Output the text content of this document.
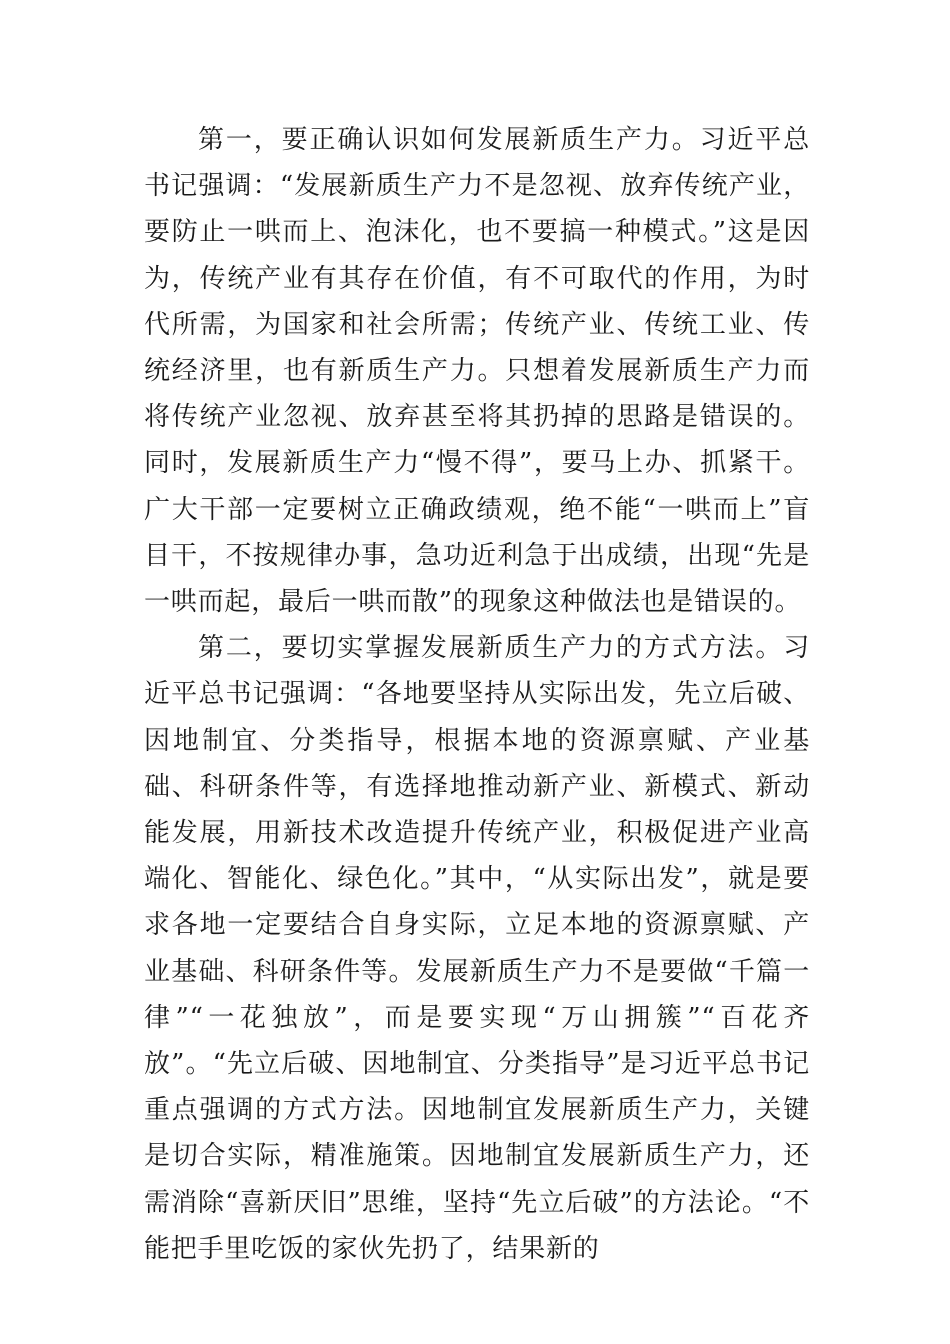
第一，要正确认识如何发展新质生产力。习近平总书记强调：“发展新质生产力不是忽视、放弃传统产业，要防止一哄而上、泡沫化，也不要搞一种模式。”这是因为，传统产业有其存在价值，有不可取代的作用，为时代所需，为国家和社会所需；传统产业、传统工业、传统经济里，也有新质生产力。只想着发展新质生产力而将传统产业忽视、放弃甚至将其扔掉的思路是错误的。同时，发展新质生产力“慢不得”，要马上办、抓紧干。广大干部一定要树立正确政绩观，绝不能“一哄而上”盲目干，不按规律办事，急功近利急于出成绩，出现“先是一哄而起，最后一哄而散”的现象这种做法也是错误的。

第二，要切实掌握发展新质生产力的方式方法。习近平总书记强调：“各地要坚持从实际出发，先立后破、因地制宜、分类指导，根据本地的资源禀赋、产业基础、科研条件等，有选择地推动新产业、新模式、新动能发展，用新技术改造提升传统产业，积极促进产业高端化、智能化、绿色化。”其中，“从实际出发”，就是要求各地一定要结合自身实际，立足本地的资源禀赋、产业基础、科研条件等。发展新质生产力不是要做“千篇一律”“一花独放”，而是要实现“万山拥簇”“百花齐放”。“先立后破、因地制宜、分类指导”是习近平总书记重点强调的方式方法。因地制宜发展新质生产力，关键是切合实际，精准施策。因地制宜发展新质生产力，还需消除“喜新厌旧”思维，坚持“先立后破”的方法论。“不能把手里吃饭的家伙先扔了，结果新的
